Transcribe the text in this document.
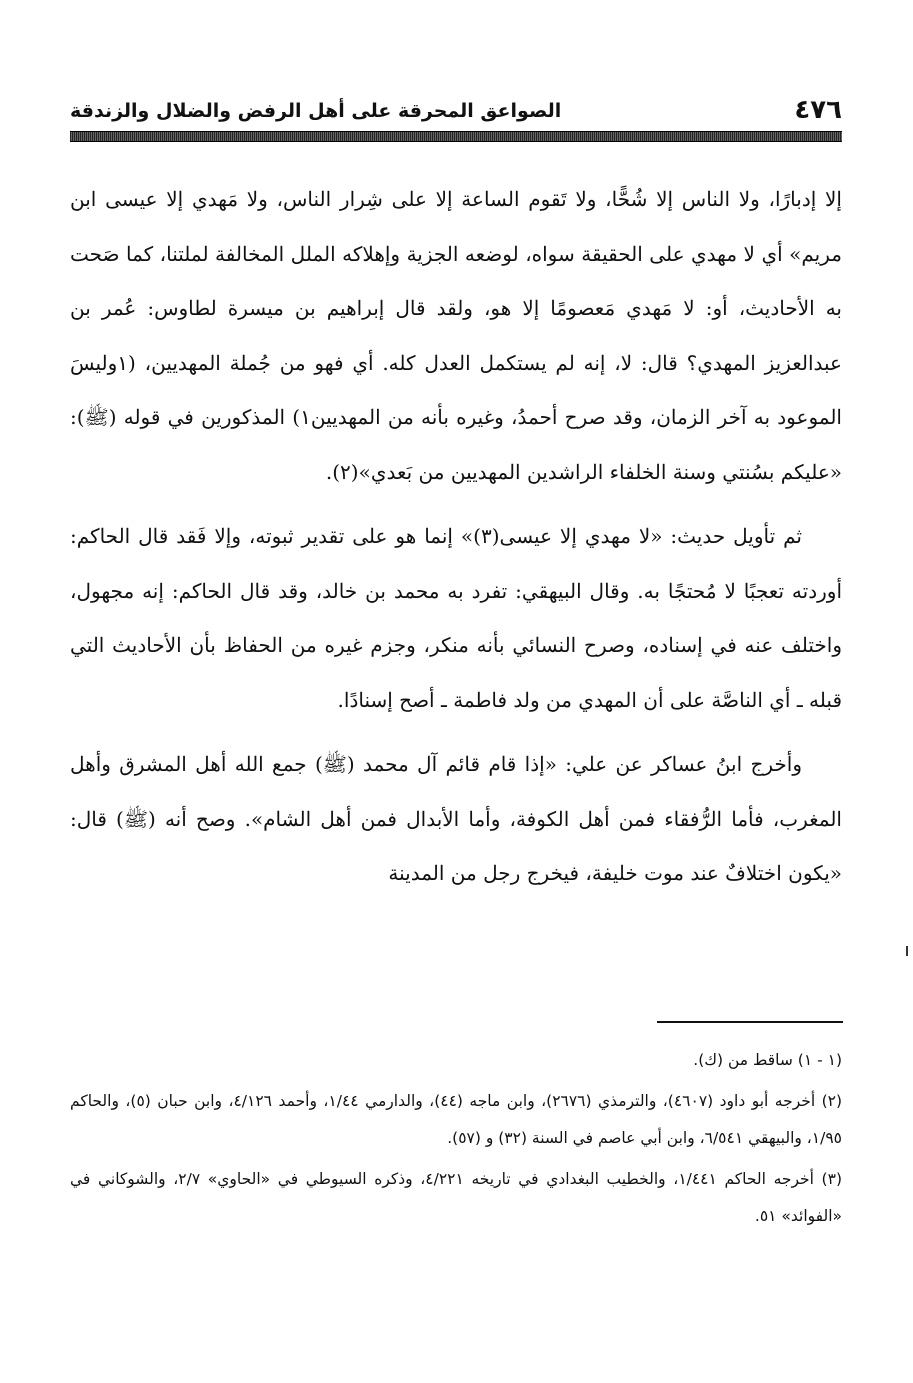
٤٧٦
الصواعق المحرقة على أهل الرفض والضلال والزندقة

إلا إدبارًا، ولا الناس إلا شُحًّا، ولا تَقوم الساعة إلا على شِرار الناس، ولا مَهدي إلا عيسى ابن مريم» أي لا مهدي على الحقيقة سواه، لوضعه الجزية وإهلاكه الملل المخالفة لملتنا، كما صَحت به الأحاديث، أو: لا مَهدي مَعصومًا إلا هو، ولقد قال إبراهيم بن ميسرة لطاوس: عُمر بن عبدالعزيز المهدي؟ قال: لا، إنه لم يستكمل العدل كله. أي فهو من جُملة المهديين، (١وليسَ الموعود به آخر الزمان، وقد صرح أحمدُ، وغيره بأنه من المهديين١) المذكورين في قوله (ﷺ): «عليكم بسُنتي وسنة الخلفاء الراشدين المهديين من بَعدي»(٢).

ثم تأويل حديث: «لا مهدي إلا عيسى(٣)» إنما هو على تقدير ثبوته، وإلا فَقد قال الحاكم: أوردته تعجبًا لا مُحتجًا به. وقال البيهقي: تفرد به محمد بن خالد، وقد قال الحاكم: إنه مجهول، واختلف عنه في إسناده، وصرح النسائي بأنه منكر، وجزم غيره من الحفاظ بأن الأحاديث التي قبله ـ أي الناصَّة على أن المهدي من ولد فاطمة ـ أصح إسنادًا.

وأخرج ابنُ عساكر عن علي: «إذا قام قائم آل محمد (ﷺ) جمع الله أهل المشرق وأهل المغرب، فأما الرُّفقاء فمن أهل الكوفة، وأما الأبدال فمن أهل الشام». وصح أنه (ﷺ) قال: «يكون اختلافٌ عند موت خليفة، فيخرج رجل من المدينة

(١ - ١) ساقط من (ك).

(٢) أخرجه أبو داود (٤٦٠٧)، والترمذي (٢٦٧٦)، وابن ماجه (٤٤)، والدارمي ١/٤٤، وأحمد ٤/١٢٦، وابن حبان (٥)، والحاكم ١/٩٥، والبيهقي ٦/٥٤١، وابن أبي عاصم في السنة (٣٢) و (٥٧).

(٣) أخرجه الحاكم ١/٤٤١، والخطيب البغدادي في تاريخه ٤/٢٢١، وذكره السيوطي في «الحاوي» ٢/٧، والشوكاني في «الفوائد» ٥١.
